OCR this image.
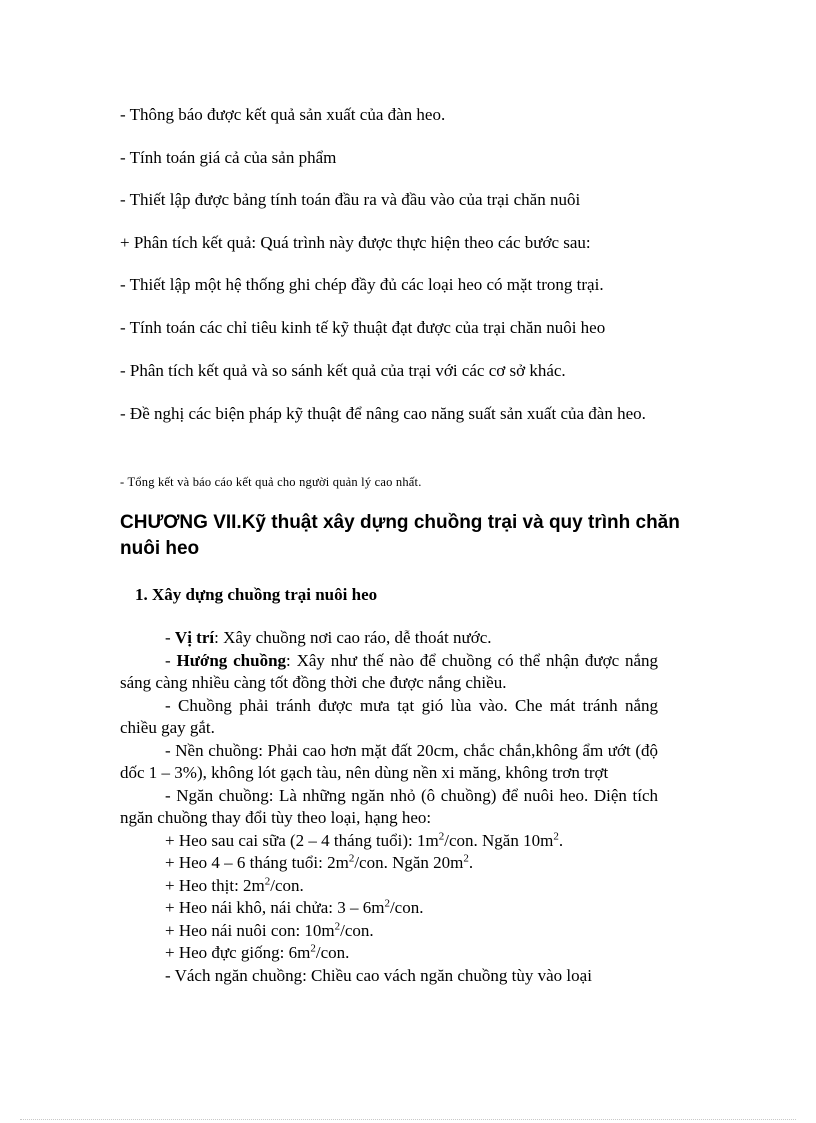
- Thông báo được kết quả sản xuất của đàn heo.
- Tính toán giá cả của sản phẩm
- Thiết lập được bảng tính toán đầu ra và đầu vào của trại chăn nuôi
+ Phân tích kết quả: Quá trình này được thực hiện theo các bước sau:
- Thiết lập một hệ thống ghi chép đầy đủ các loại heo có mặt trong trại.
- Tính toán các chỉ tiêu kinh tế kỹ thuật đạt được của trại chăn nuôi heo
- Phân tích kết quả và so sánh kết quả của trại với các cơ sở khác.
- Đề nghị các biện pháp kỹ thuật để nâng cao năng suất sản xuất của đàn heo.
- Tổng kết và báo cáo kết quả cho người quản lý cao nhất.
CHƯƠNG VII.Kỹ thuật xây dựng chuồng trại và quy trình chăn nuôi heo
1. Xây dựng chuồng trại nuôi heo

- Vị trí: Xây chuồng nơi cao ráo, dễ thoát nước.

- Hướng chuồng: Xây như thế nào để chuồng có thể nhận được nắng sáng càng nhiều càng tốt đồng thời che được nắng chiều.

- Chuồng phải tránh được mưa tạt gió lùa vào. Che mát tránh nắng chiều gay gắt.

- Nền chuồng: Phải cao hơn mặt đất 20cm, chắc chắn,không ẩm ướt (độ dốc 1 – 3%), không lót gạch tàu, nên dùng nền xi măng, không trơn trợt

- Ngăn chuồng: Là những ngăn nhỏ (ô chuồng) để nuôi heo. Diện tích ngăn chuồng thay đổi tùy theo loại, hạng heo:

+ Heo sau cai sữa (2 – 4 tháng tuổi): $1m^2$/con. Ngăn $10m^2$.

+ Heo 4 – 6 tháng tuổi: $2m^2$/con. Ngăn $20m^2$.

+ Heo thịt: $2m^2$/con.

+ Heo nái khô, nái chửa: $3 - 6m^2$/con.

+ Heo nái nuôi con: $10m^2$/con.

+ Heo đực giống: $6m^2$/con.

- Vách ngăn chuồng: Chiều cao vách ngăn chuồng tùy vào loại
